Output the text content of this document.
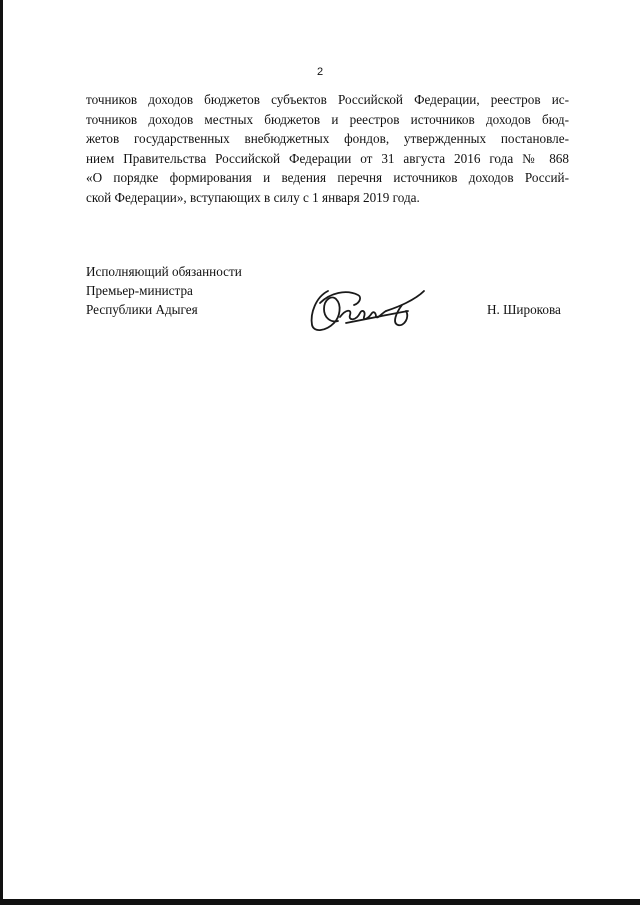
2
точников доходов бюджетов субъектов Российской Федерации, реестров ис-
точников доходов местных бюджетов и реестров источников доходов бюд-
жетов государственных внебюджетных фондов, утвержденных постановле-
нием Правительства Российской Федерации от 31 августа 2016 года № 868
«О порядке формирования и ведения перечня источников доходов Россий-
ской Федерации», вступающих в силу с 1 января 2019 года.
Исполняющий обязанности
Премьер-министра
Республики Адыгея	Н. Широкова
